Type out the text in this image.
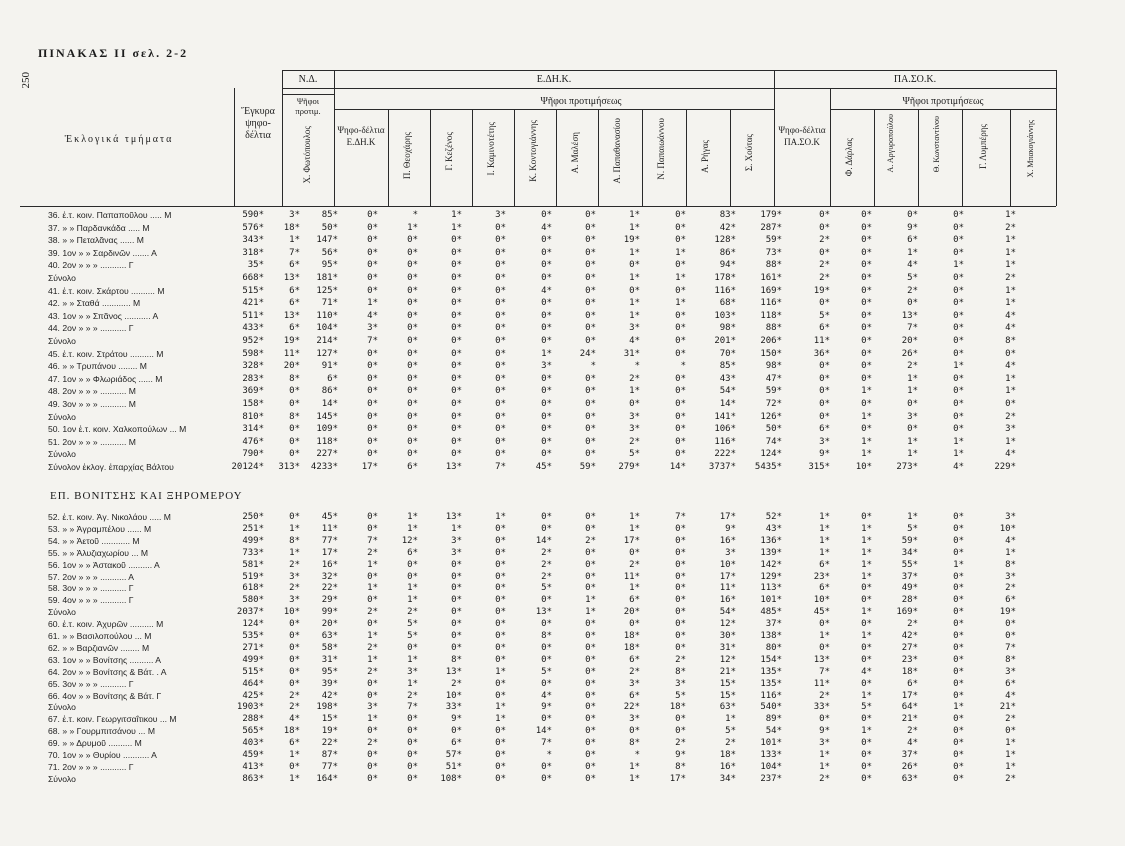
250
ΠΙΝΑΚΑΣ II σελ. 2-2
Ἐκλογικά τμήματα
Ἔγκυρα ψηφο-δέλτια
Ν.Δ.
Ψῆφοι προτιμ.
Χ. Φωτόπουλος
Ε.ΔΗ.Κ.
Ψῆφοι προτιμήσεως
Ψηφο-δέλτια Ε.ΔΗ.Κ	Π. Θεοχάρης	Γ. Κεζένος	Ι. Καμινοτέτης	Κ. Κοντογιάννης	Α. Μαλέση	Α. Παπαθανασίου	Ν. Παπαιωάννου	Α. Ρήγας	Σ. Χούτας
ΠΑ.ΣΟ.Κ.
Ψῆφοι προτιμήσεως
Ψηφο-δέλτια ΠΑ.ΣΟ.Κ	Φ. Δάρλας	Α. Αργυροπούλου	Θ. Κωνσταντίνου	Γ. Λυμπέρης	Χ. Μπακογιάννης
36. ἐ.τ. κοιν. Παπαποῦλου ..... Μ	590*	3*	85*	0*	*	1*	3*	0*	0*	1*	0*	83*	179*	0*	0*	0*	0*	1*
37. » » Παρδανκάδα ..... Μ	576*	18*	50*	0*	1*	1*	0*	4*	0*	1*	0*	42*	287*	0*	0*	9*	0*	2*
38. » » Πεταλᾶνας ...... Μ	343*	1*	147*	0*	0*	0*	0*	0*	0*	19*	0*	128*	59*	2*	0*	6*	0*	1*
39. 1ον » » Σαρδινῶν ....... Α	318*	7*	56*	0*	0*	0*	0*	0*	0*	1*	1*	86*	73*	0*	0*	1*	0*	1*
40. 2ον » » » ........... Γ	35*	6*	95*	0*	0*	0*	0*	0*	0*	0*	0*	94*	88*	2*	0*	4*	1*	1*
Σύνολο	668*	13*	181*	0*	0*	0*	0*	0*	0*	1*	1*	178*	161*	2*	0*	5*	0*	2*
41. ἐ.τ. κοιν. Σκάρτου .......... Μ	515*	6*	125*	0*	0*	0*	0*	4*	0*	0*	0*	116*	169*	19*	0*	2*	0*	1*
42. » » Σταθά ............ Μ	421*	6*	71*	1*	0*	0*	0*	0*	0*	1*	1*	68*	116*	0*	0*	0*	0*	1*
43. 1ον » » Σπᾶνος ........... Α	511*	13*	110*	4*	0*	0*	0*	0*	0*	1*	0*	103*	118*	5*	0*	13*	0*	4*
44. 2ον » » » ........... Γ	433*	6*	104*	3*	0*	0*	0*	0*	0*	3*	0*	98*	88*	6*	0*	7*	0*	4*
Σύνολο	952*	19*	214*	7*	0*	0*	0*	0*	0*	4*	0*	201*	206*	11*	0*	20*	0*	8*
45. ἐ.τ. κοιν. Στράτου .......... Μ	598*	11*	127*	0*	0*	0*	0*	1*	24*	31*	0*	70*	150*	36*	0*	26*	0*	0*
46. » » Τρυπάνου ........ Μ	328*	20*	91*	0*	0*	0*	0*	3*	*	*	*	85*	98*	0*	0*	2*	1*	4*
47. 1ον » » Φλωριάδος ...... Μ	283*	8*	6*	0*	0*	0*	0*	0*	0*	2*	0*	43*	47*	0*	0*	1*	0*	1*
48. 2ον » » » ........... Μ	369*	0*	86*	0*	0*	0*	0*	0*	0*	1*	0*	54*	59*	0*	1*	1*	0*	1*
49. 3ον » » » ........... Μ	158*	0*	14*	0*	0*	0*	0*	0*	0*	0*	0*	14*	72*	0*	0*	0*	0*	0*
Σύνολο	810*	8*	145*	0*	0*	0*	0*	0*	0*	3*	0*	141*	126*	0*	1*	3*	0*	2*
50. 1ον ἐ.τ. κοιν. Χαλκοπούλων ... Μ	314*	0*	109*	0*	0*	0*	0*	0*	0*	3*	0*	106*	50*	6*	0*	0*	0*	3*
51. 2ον » » » ........... Μ	476*	0*	118*	0*	0*	0*	0*	0*	0*	2*	0*	116*	74*	3*	1*	1*	1*	1*
Σύνολο	790*	0*	227*	0*	0*	0*	0*	0*	0*	5*	0*	222*	124*	9*	1*	1*	1*	4*
Σύνολον ἐκλογ. ἐπαρχίας Βάλτου	20124*	313*	4233*	17*	6*	13*	7*	45*	59*	279*	14*	3737*	5435*	315*	10*	273*	4*	229*
ΕΠ. ΒΟΝΙΤΣΗΣ ΚΑΙ ΞΗΡΟΜΕΡΟΥ
52. ἐ.τ. κοιν. Ἁγ. Νικολάου ..... Μ	250*	0*	45*	0*	1*	13*	1*	0*	0*	1*	7*	17*	52*	1*	0*	1*	0*	3*
53. » » Ἀγραμπέλου ...... Μ	251*	1*	11*	0*	1*	1*	0*	0*	0*	1*	0*	9*	43*	1*	1*	5*	0*	10*
54. » » Ἀετοῦ ............ Μ	499*	8*	77*	7*	12*	3*	0*	14*	2*	17*	0*	16*	136*	1*	1*	59*	0*	4*
55. » » Ἀλυζιαχωρίου ... Μ	733*	1*	17*	2*	6*	3*	0*	2*	0*	0*	0*	3*	139*	1*	1*	34*	0*	1*
56. 1ον » » Ἀστακοῦ .......... Α	581*	2*	16*	1*	0*	0*	0*	2*	0*	2*	0*	10*	142*	6*	1*	55*	1*	8*
57. 2ον » » » ........... Α	519*	3*	32*	0*	0*	0*	0*	2*	0*	11*	0*	17*	129*	23*	1*	37*	0*	3*
58. 3ον » » » ........... Γ	618*	2*	22*	1*	1*	0*	0*	5*	0*	1*	0*	11*	113*	6*	0*	49*	0*	2*
59. 4ον » » » ........... Γ	580*	3*	29*	0*	1*	0*	0*	0*	1*	6*	0*	16*	101*	10*	0*	28*	0*	6*
Σύνολο	2037*	10*	99*	2*	2*	0*	0*	13*	1*	20*	0*	54*	485*	45*	1*	169*	0*	19*
60. ἐ.τ. κοιν. Ἀχυρῶν .......... Μ	124*	0*	20*	0*	5*	0*	0*	0*	0*	0*	0*	12*	37*	0*	0*	2*	0*	0*
61. » » Βασιλοπούλου ... Μ	535*	0*	63*	1*	5*	0*	0*	8*	0*	18*	0*	30*	138*	1*	1*	42*	0*	0*
62. » » Βαρζιανῶν ........ Μ	271*	0*	58*	2*	0*	0*	0*	0*	0*	18*	0*	31*	80*	0*	0*	27*	0*	7*
63. 1ον » » Βονίτσης .......... Α	499*	0*	31*	1*	1*	8*	0*	0*	0*	6*	2*	12*	154*	13*	0*	23*	0*	8*
64. 2ον » » Βονίτσης & Βάτ. . Α	515*	0*	95*	2*	3*	13*	1*	5*	0*	2*	8*	21*	135*	7*	4*	18*	0*	3*
65. 3ον » » » ........... Γ	464*	0*	39*	0*	1*	2*	0*	0*	0*	3*	3*	15*	135*	11*	0*	6*	0*	6*
66. 4ον » » Βονίτσης & Βάτ. Γ	425*	2*	42*	0*	2*	10*	0*	4*	0*	6*	5*	15*	116*	2*	1*	17*	0*	4*
Σύνολο	1903*	2*	198*	3*	7*	33*	1*	9*	0*	22*	18*	63*	540*	33*	5*	64*	1*	21*
67. ἐ.τ. κοιν. Γεωργιτσαΐτικου ... Μ	288*	4*	15*	1*	0*	9*	1*	0*	0*	3*	0*	1*	89*	0*	0*	21*	0*	2*
68. » » Γουρμπιτσάνου ... Μ	565*	18*	19*	0*	0*	0*	0*	14*	0*	0*	0*	5*	54*	9*	1*	2*	0*	0*
69. » » Δρυμοῦ .......... Μ	403*	6*	22*	2*	0*	6*	0*	7*	0*	8*	2*	2*	101*	3*	0*	4*	0*	1*
70. 1ον » » Θυρίου ........... Α	459*	1*	87*	0*	0*	57*	0*	*	0*	*	9*	18*	133*	1*	0*	37*	0*	1*
71. 2ον » » » ........... Γ	413*	0*	77*	0*	0*	51*	0*	0*	0*	1*	8*	16*	104*	1*	0*	26*	0*	1*
Σύνολο	863*	1*	164*	0*	0*	108*	0*	0*	0*	1*	17*	34*	237*	2*	0*	63*	0*	2*
